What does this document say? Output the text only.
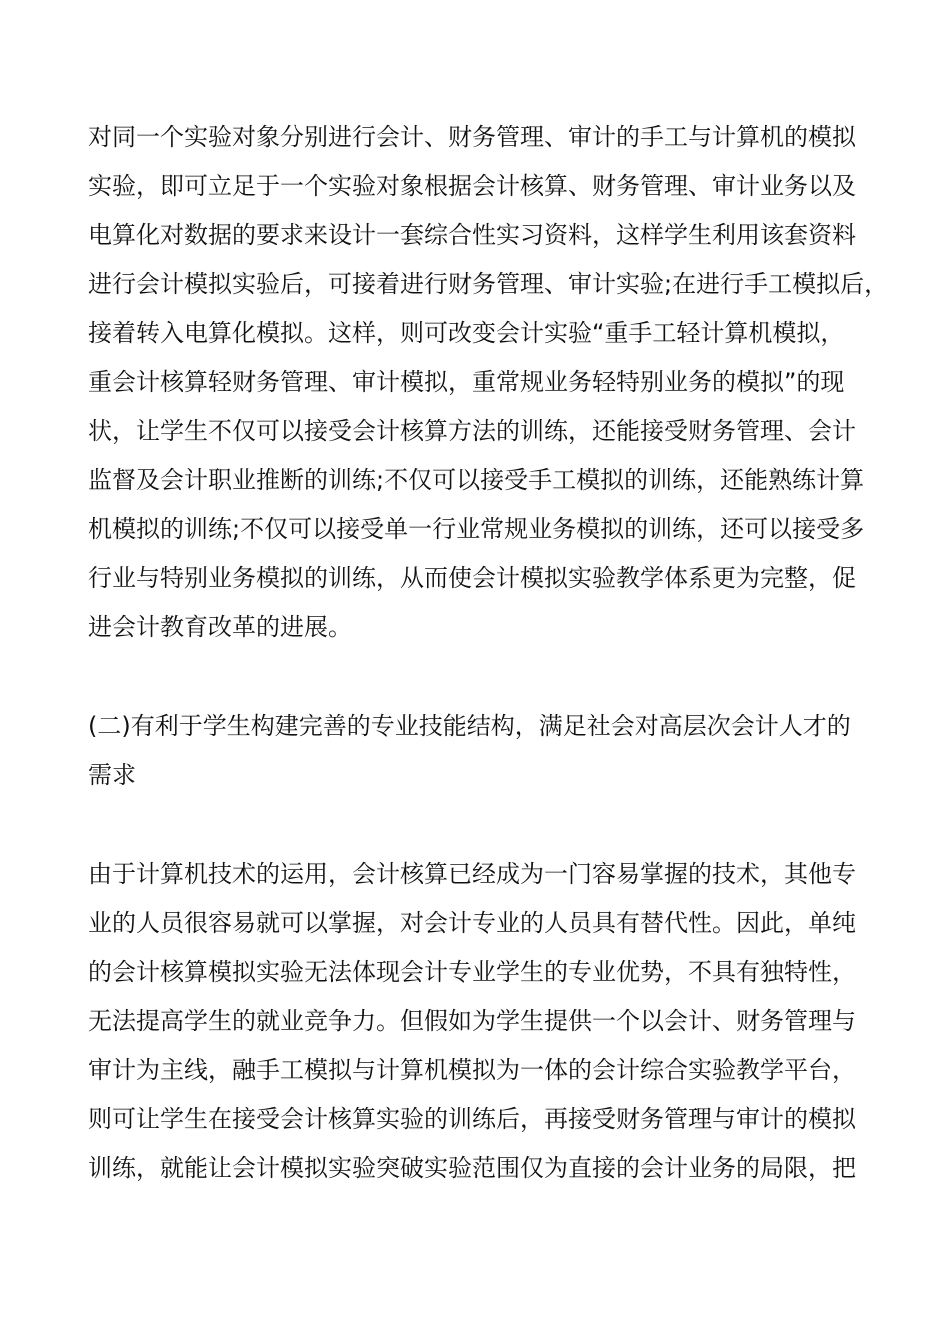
对同一个实验对象分别进行会计、财务管理、审计的手工与计算机的模拟
实验，即可立足于一个实验对象根据会计核算、财务管理、审计业务以及
电算化对数据的要求来设计一套综合性实习资料，这样学生利用该套资料
进行会计模拟实验后，可接着进行财务管理、审计实验;在进行手工模拟后，
接着转入电算化模拟。这样，则可改变会计实验“重手工轻计算机模拟，
重会计核算轻财务管理、审计模拟，重常规业务轻特别业务的模拟”的现
状，让学生不仅可以接受会计核算方法的训练，还能接受财务管理、会计
监督及会计职业推断的训练;不仅可以接受手工模拟的训练，还能熟练计算
机模拟的训练;不仅可以接受单一行业常规业务模拟的训练，还可以接受多
行业与特别业务模拟的训练，从而使会计模拟实验教学体系更为完整，促
进会计教育改革的进展。
(二)有利于学生构建完善的专业技能结构，满足社会对高层次会计人才的
需求
由于计算机技术的运用，会计核算已经成为一门容易掌握的技术，其他专
业的人员很容易就可以掌握，对会计专业的人员具有替代性。因此，单纯
的会计核算模拟实验无法体现会计专业学生的专业优势，不具有独特性，
无法提高学生的就业竞争力。但假如为学生提供一个以会计、财务管理与
审计为主线，融手工模拟与计算机模拟为一体的会计综合实验教学平台，
则可让学生在接受会计核算实验的训练后，再接受财务管理与审计的模拟
训练，就能让会计模拟实验突破实验范围仅为直接的会计业务的局限，把
